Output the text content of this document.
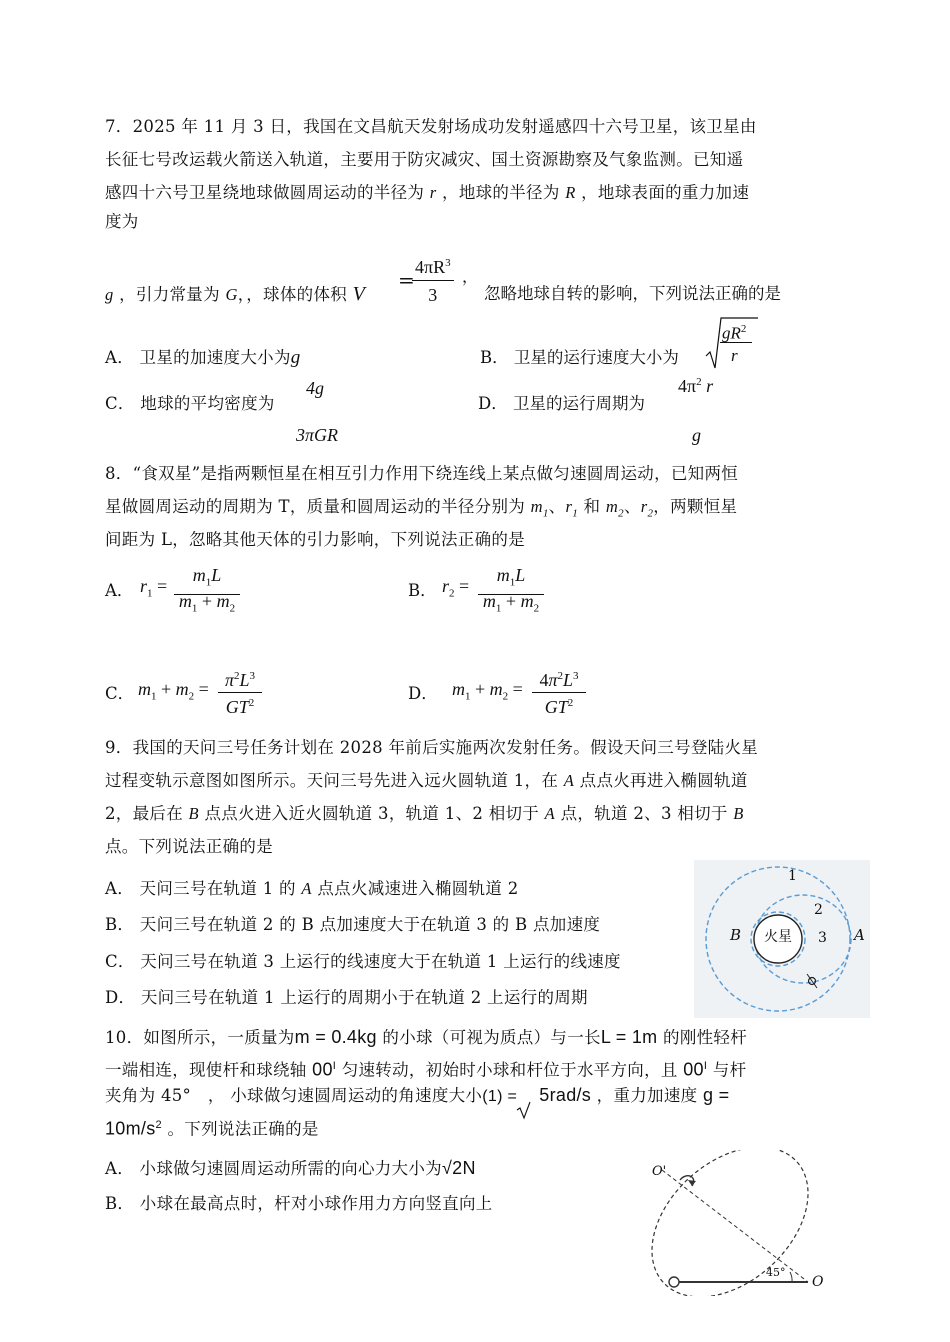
7．2025 年 11 月 3 日，我国在文昌航天发射场成功发射遥感四十六号卫星，该卫星由
长征七号改运载火箭送入轨道，主要用于防灾减灾、国土资源勘察及气象监测。已知遥
感四十六号卫星绕地球做圆周运动的半径为 r ，地球的半径为 R ，地球表面的重力加速
度为
g ，引力常量为 G，，球体的体积 V
=
$4\pi R^3$
3
，
忽略地球自转的影响，下列说法正确的是
A． 卫星的加速度大小为g	B． 卫星的运行速度大小为
$gR^2$
r
C． 地球的平均密度为
4g
3πGR
D． 卫星的运行周期为
$4\pi^2$ r
g
8．“食双星”是指两颗恒星在相互引力作用下绕连线上某点做匀速圆周运动，已知两恒
星做圆周运动的周期为 T，质量和圆周运动的半径分别为 $m_1$、$r_1$ 和 $m_2$、$r_2$，两颗恒星
间距为 L，忽略其他天体的引力影响，下列说法正确的是
A． $r_1$ =
$m_1L$
$m_1 + m_2$
B． $r_2$ =
$m_1L$
$m_1 + m_2$
C． $m_1 + m_2 = \pi^2L^3$
$GT^2$	D． $m_1 + m_2 = 4\pi^2L^3$
$GT^2$
9．我国的天问三号任务计划在 2028 年前后实施两次发射任务。假设天问三号登陆火星
过程变轨示意图如图所示。天问三号先进入远火圆轨道 1，在 A 点点火再进入椭圆轨道
2，最后在 B 点点火进入近火圆轨道 3，轨道 1、2 相切于 A 点，轨道 2、3 相切于 B
点。下列说法正确的是
A． 天问三号在轨道 1 的 A 点点火减速进入椭圆轨道 2
B． 天问三号在轨道 2 的 B 点加速度大于在轨道 3 的 B 点加速度
C． 天问三号在轨道 3 上运行的线速度大于在轨道 1 上运行的线速度
D． 天问三号在轨道 1 上运行的周期小于在轨道 2 上运行的周期
火星
1
2
3 A
B
10．如图所示，一质量为m = 0.4kg 的小球（可视为质点）与一长L = 1m 的刚性轻杆
一端相连，现使杆和球绕轴 $00^I$ 匀速转动，初始时小球和杆位于水平方向，且 $00^I$ 与杆
夹角为 45°　， 小球做匀速圆周运动的角速度大小(1) = 5rad/s ，重力加速度 g =
$10m/s^2$ 。下列说法正确的是
A． 小球做匀速圆周运动所需的向心力大小为√2N
B． 小球在最高点时，杆对小球作用力方向竖直向上
O'
O
45°
